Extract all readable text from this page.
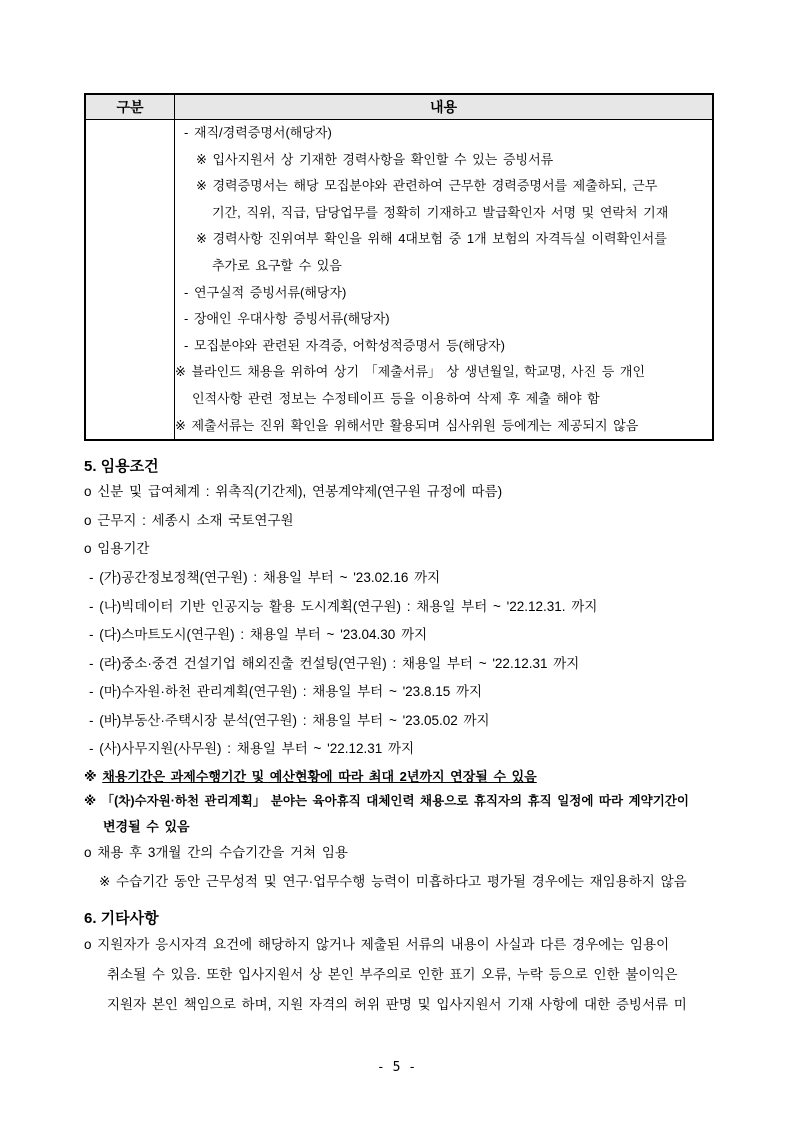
구분	내용

- 재직/경력증명서(해당자)
※ 입사지원서 상 기재한 경력사항을 확인할 수 있는 증빙서류
※ 경력증명서는 해당 모집분야와 관련하여 근무한 경력증명서를 제출하되, 근무
기간, 직위, 직급, 담당업무를 정확히 기재하고 발급확인자 서명 및 연락처 기재
※ 경력사항 진위여부 확인을 위해 4대보험 중 1개 보험의 자격득실 이력확인서를
추가로 요구할 수 있음
- 연구실적 증빙서류(해당자)
- 장애인 우대사항 증빙서류(해당자)
- 모집분야와 관련된 자격증, 어학성적증명서 등(해당자)
※ 블라인드 채용을 위하여 상기 「제출서류」 상 생년월일, 학교명, 사진 등 개인
인적사항 관련 정보는 수정테이프 등을 이용하여 삭제 후 제출 해야 함
※ 제출서류는 진위 확인을 위해서만 활용되며 심사위원 등에게는 제공되지 않음
5. 임용조건
o 신분 및 급여체계 : 위촉직(기간제), 연봉계약제(연구원 규정에 따름)
o 근무지 : 세종시 소재 국토연구원
o 임용기간
- (가)공간정보정책(연구원) : 채용일 부터 ~ '23.02.16 까지
- (나)빅데이터 기반 인공지능 활용 도시계획(연구원) : 채용일 부터 ~ '22.12.31. 까지
- (다)스마트도시(연구원) : 채용일 부터 ~ '23.04.30 까지
- (라)중소·중견 건설기업 해외진출 컨설팅(연구원) : 채용일 부터 ~ '22.12.31 까지
- (마)수자원·하천 관리계획(연구원) : 채용일 부터 ~ '23.8.15 까지
- (바)부동산·주택시장 분석(연구원) : 채용일 부터 ~ '23.05.02 까지
- (사)사무지원(사무원) : 채용일 부터 ~ '22.12.31 까지
※ 채용기간은 과제수행기간 및 예산현황에 따라 최대 2년까지 연장될 수 있음
※ 「(차)수자원·하천 관리계획」 분야는 육아휴직 대체인력 채용으로 휴직자의 휴직 일정에 따라 계약기간이
변경될 수 있음
o 채용 후 3개월 간의 수습기간을 거쳐 임용
※ 수습기간 동안 근무성적 및 연구·업무수행 능력이 미흡하다고 평가될 경우에는 재임용하지 않음
6. 기타사항
o 지원자가 응시자격 요건에 해당하지 않거나 제출된 서류의 내용이 사실과 다른 경우에는 임용이
취소될 수 있음. 또한 입사지원서 상 본인 부주의로 인한 표기 오류, 누락 등으로 인한 불이익은
지원자 본인 책임으로 하며, 지원 자격의 허위 판명 및 입사지원서 기재 사항에 대한 증빙서류 미
- 5 -
